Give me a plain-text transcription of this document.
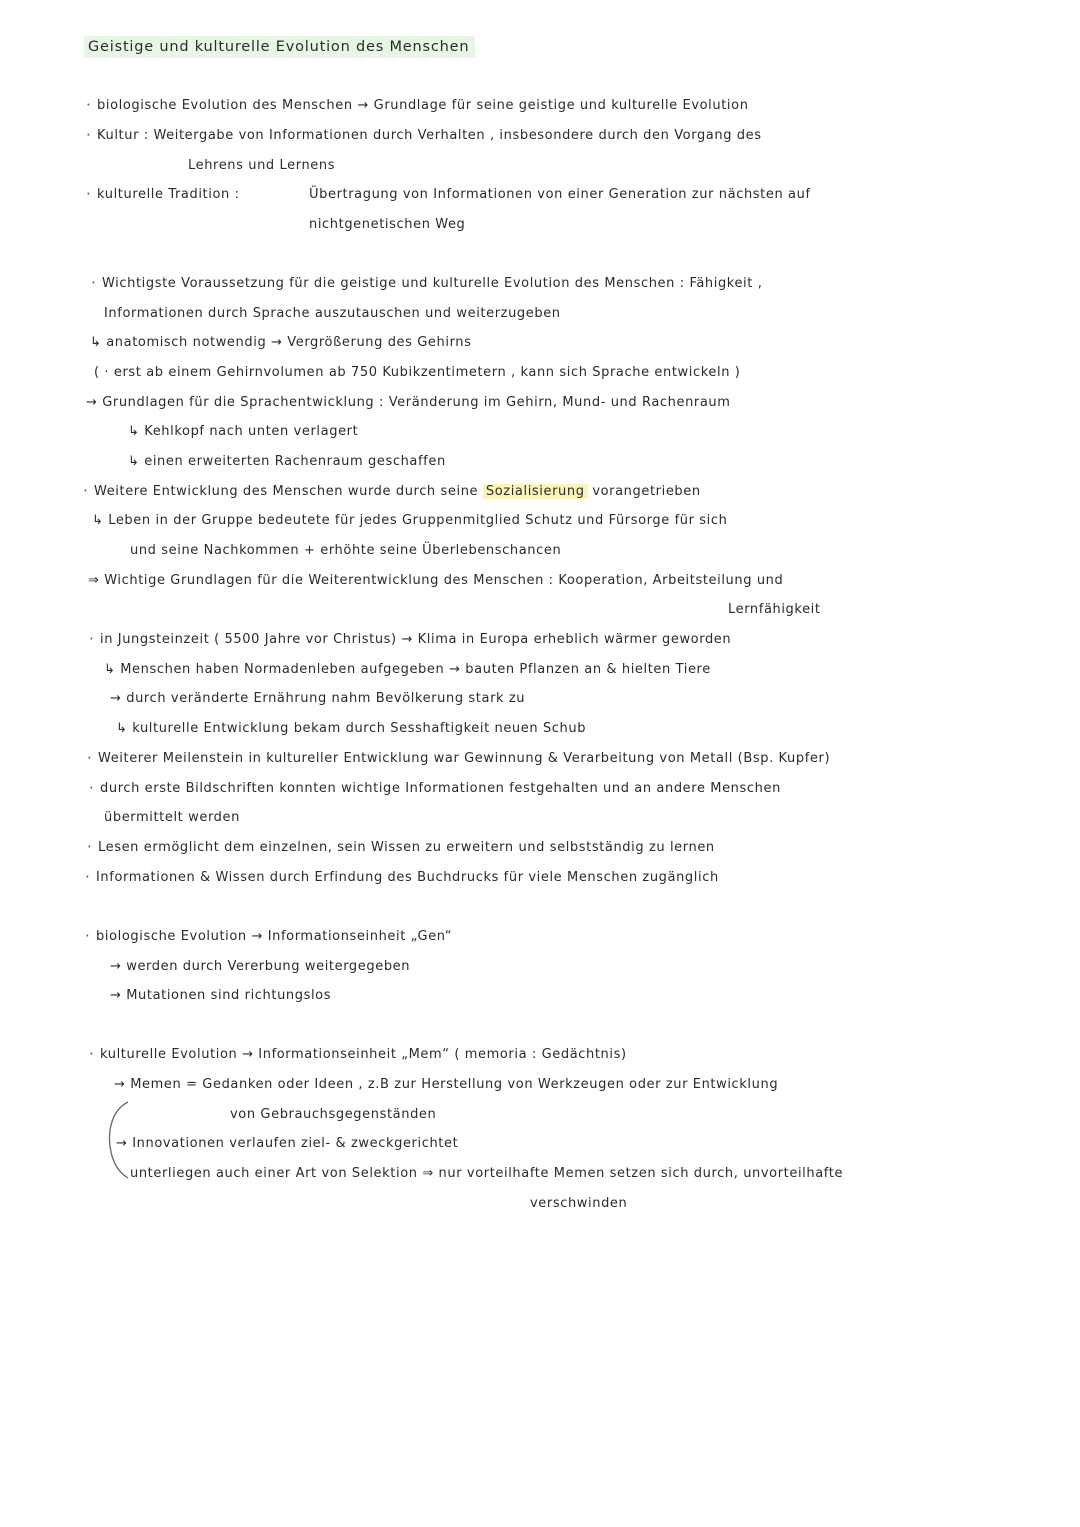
Geistige und kulturelle Evolution des Menschen
· biologische Evolution des Menschen → Grundlage für seine geistige und kulturelle Evolution
· Kultur : Weitergabe von Informationen durch Verhalten , insbesondere durch den Vorgang des
Lehrens und Lernens
· kulturelle Tradition :	Übertragung von Informationen von einer Generation zur nächsten auf
nichtgenetischen Weg
· Wichtigste Voraussetzung für die geistige und kulturelle Evolution des Menschen : Fähigkeit ,
Informationen durch Sprache auszutauschen und weiterzugeben
↳ anatomisch notwendig → Vergrößerung des Gehirns
( · erst ab einem Gehirnvolumen ab 750 Kubikzentimetern , kann sich Sprache entwickeln )
→ Grundlagen für die Sprachentwicklung : Veränderung im Gehirn, Mund- und Rachenraum
↳ Kehlkopf nach unten verlagert
↳ einen erweiterten Rachenraum geschaffen
· Weitere Entwicklung des Menschen wurde durch seine Sozialisierung vorangetrieben
↳ Leben in der Gruppe bedeutete für jedes Gruppenmitglied Schutz und Fürsorge für sich
und seine Nachkommen + erhöhte seine Überlebenschancen
⇒ Wichtige Grundlagen für die Weiterentwicklung des Menschen : Kooperation, Arbeitsteilung und
Lernfähigkeit
· in Jungsteinzeit ( 5500 Jahre vor Christus) → Klima in Europa erheblich wärmer geworden
↳ Menschen haben Normadenleben aufgegeben → bauten Pflanzen an & hielten Tiere
→ durch veränderte Ernährung nahm Bevölkerung stark zu
↳ kulturelle Entwicklung bekam durch Sesshaftigkeit neuen Schub
· Weiterer Meilenstein in kultureller Entwicklung war Gewinnung & Verarbeitung von Metall (Bsp. Kupfer)
· durch erste Bildschriften konnten wichtige Informationen festgehalten und an andere Menschen
übermittelt werden
· Lesen ermöglicht dem einzelnen, sein Wissen zu erweitern und selbstständig zu lernen
· Informationen & Wissen durch Erfindung des Buchdrucks für viele Menschen zugänglich
· biologische Evolution → Informationseinheit „Gen“
→ werden durch Vererbung weitergegeben
→ Mutationen sind richtungslos
· kulturelle Evolution → Informationseinheit „Mem“ ( memoria : Gedächtnis)
→ Memen = Gedanken oder Ideen , z.B zur Herstellung von Werkzeugen oder zur Entwicklung
von Gebrauchsgegenständen
→ Innovationen verlaufen ziel- & zweckgerichtet
unterliegen auch einer Art von Selektion ⇒ nur vorteilhafte Memen setzen sich durch, unvorteilhafte
verschwinden
